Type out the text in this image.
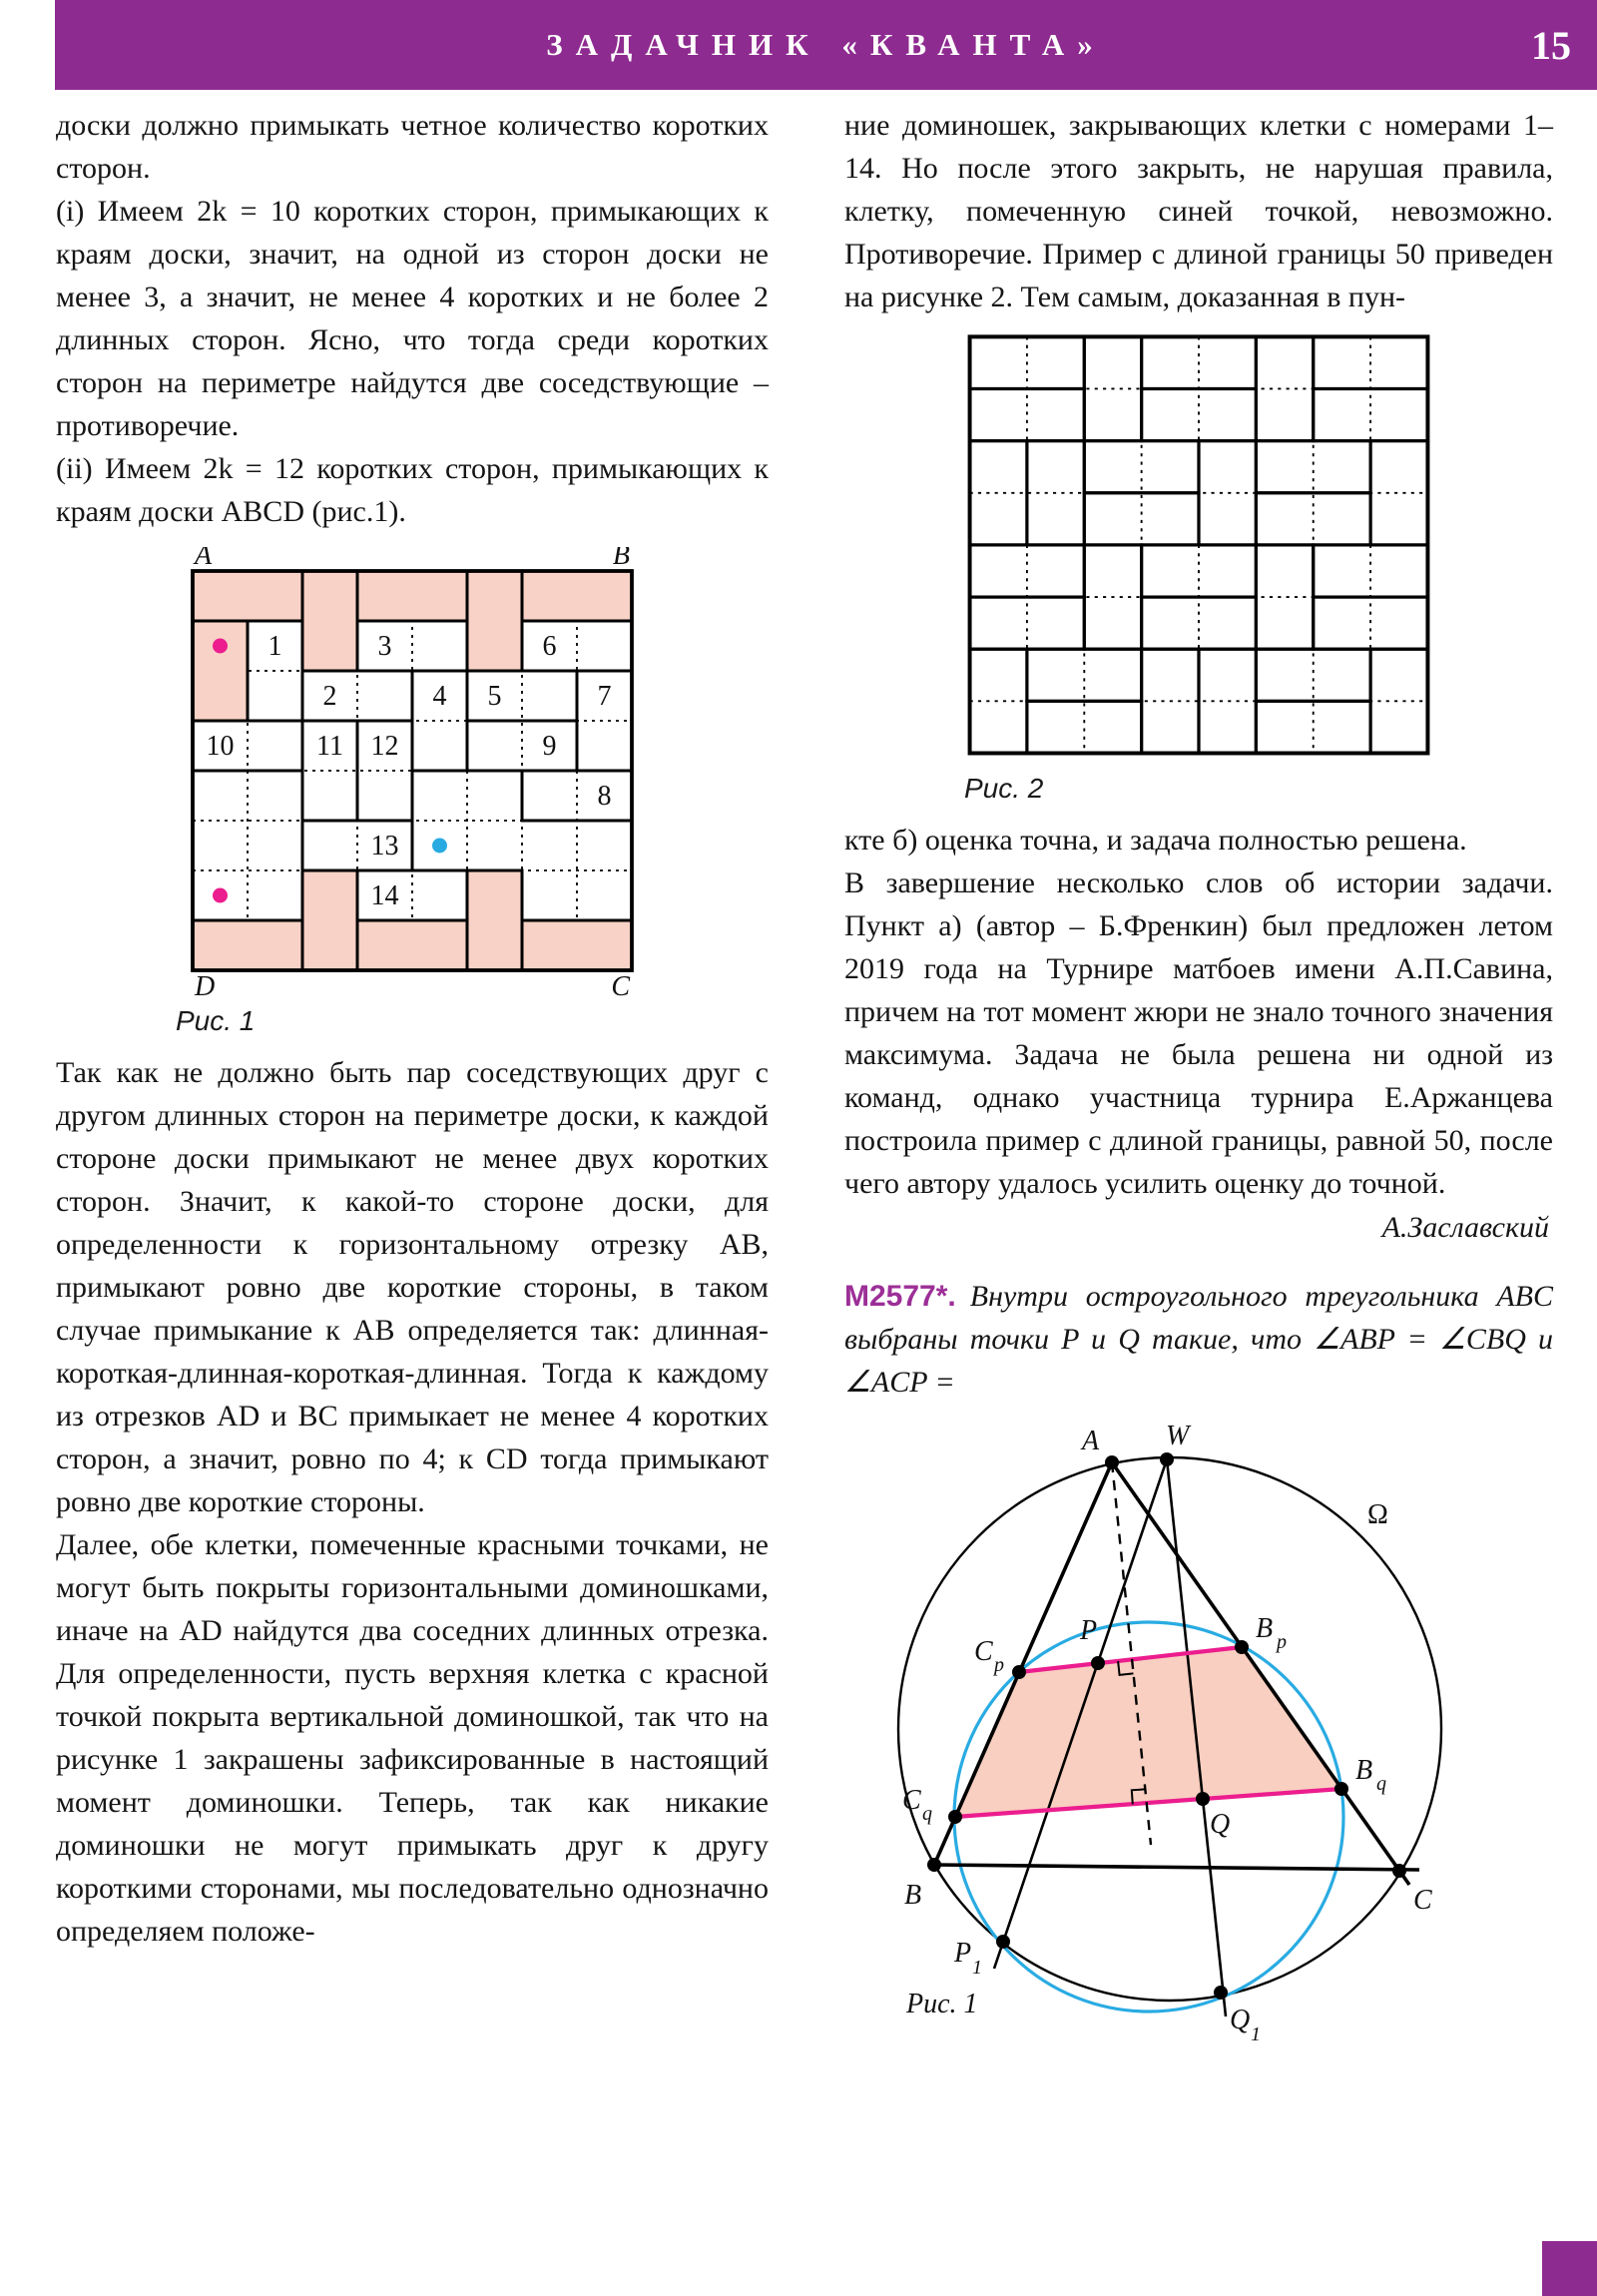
ЗАДАЧНИК «КВАНТА»	15

доски должно примыкать четное количество коротких сторон.

(i) Имеем 2k = 10 коротких сторон, примыкающих к краям доски, значит, на одной из сторон доски не менее 3, а значит, не менее 4 коротких и не более 2 длинных сторон. Ясно, что тогда среди коротких сторон на периметре найдутся две соседствующие – противоречие.

(ii) Имеем 2k = 12 коротких сторон, примыкающих к краям доски ABCD (рис.1).

A	B
D	C
1
2
3
4 5
6
7
8
9
10	11 12
13
14
Рис. 1

Так как не должно быть пар соседствующих друг с другом длинных сторон на периметре доски, к каждой стороне доски примыкают не менее двух коротких сторон. Значит, к какой-то стороне доски, для определенности к горизонтальному отрезку AB, примыкают ровно две короткие стороны, в таком случае примыкание к AB определяется так: длинная-короткая-длинная-короткая-длинная. Тогда к каждому из отрезков AD и BC примыкает не менее 4 коротких сторон, а значит, ровно по 4; к CD тогда примыкают ровно две короткие стороны.

Далее, обе клетки, помеченные красными точками, не могут быть покрыты горизонтальными доминошками, иначе на AD найдутся два соседних длинных отрезка. Для определенности, пусть верхняя клетка с красной точкой покрыта вертикальной доминошкой, так что на рисунке 1 закрашены зафиксированные в настоящий момент доминошки. Теперь, так как никакие доминошки не могут примыкать друг к другу короткими сторонами, мы последовательно однозначно определяем положе-

ние доминошек, закрывающих клетки с номерами 1–14. Но после этого закрыть, не нарушая правила, клетку, помеченную синей точкой, невозможно. Противоречие. Пример с длиной границы 50 приведен на рисунке 2. Тем самым, доказанная в пун-

Рис. 2

кте б) оценка точна, и задача полностью решена.

В завершение несколько слов об истории задачи. Пункт а) (автор – Б.Френкин) был предложен летом 2019 года на Турнире матбоев имени А.П.Савина, причем на тот момент жюри не знало точного значения максимума. Задача не была решена ни одной из команд, однако участница турнира Е.Аржанцева построила пример с длиной границы, равной 50, после чего автору удалось усилить оценку до точной.

А.Заславский

М2577*. Внутри остроугольного треугольника ABC выбраны точки P и Q такие, что ∠ABP = ∠CBQ и ∠ACP =

A W
Ω
C p
P	B p
C q	Q
B q
B	C
P 1
Q 1
Рис. 1
